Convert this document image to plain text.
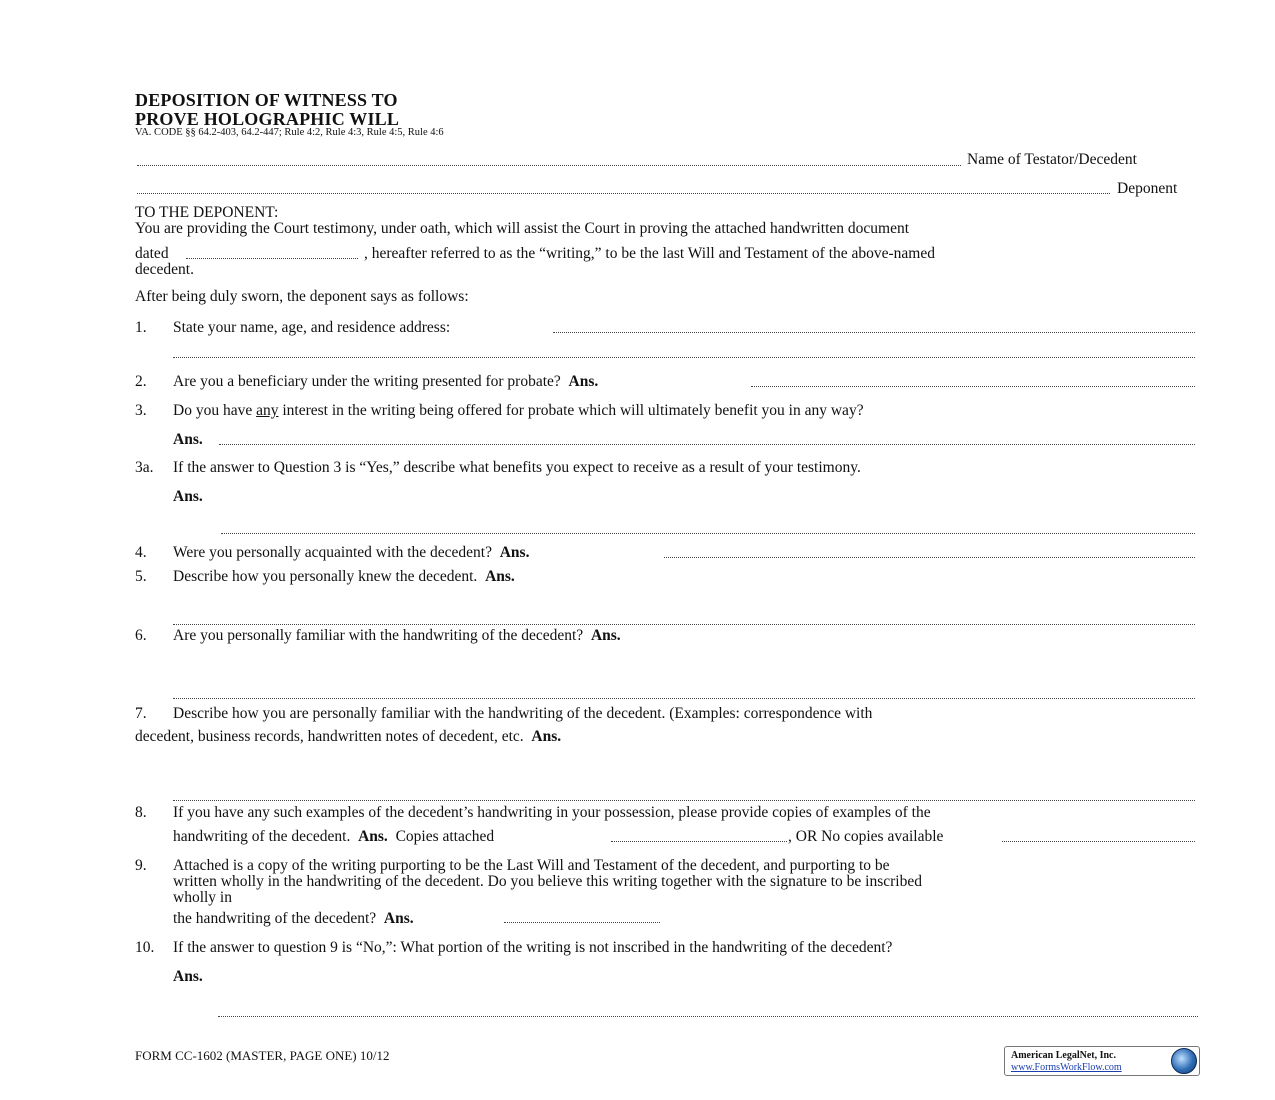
DEPOSITION OF WITNESS TO
PROVE HOLOGRAPHIC WILL
VA. CODE §§ 64.2-403, 64.2-447; Rule 4:2, Rule 4:3, Rule 4:5, Rule 4:6
Name of Testator/Decedent
Deponent
TO THE DEPONENT:
You are providing the Court testimony, under oath, which will assist the Court in proving the attached handwritten document
dated	, hereafter referred to as the “writing,” to be the last Will and Testament of the above-named
decedent.
After being duly sworn, the deponent says as follows:
1. State your name, age, and residence address:
2. Are you a beneficiary under the writing presented for probate? Ans.
3. Do you have any interest in the writing being offered for probate which will ultimately benefit you in any way?
Ans.
3a. If the answer to Question 3 is “Yes,” describe what benefits you expect to receive as a result of your testimony.
Ans.
4. Were you personally acquainted with the decedent? Ans.
5. Describe how you personally knew the decedent. Ans.
6. Are you personally familiar with the handwriting of the decedent? Ans.
7. Describe how you are personally familiar with the handwriting of the decedent. (Examples: correspondence with
decedent, business records, handwritten notes of decedent, etc. Ans.
8. If you have any such examples of the decedent’s handwriting in your possession, please provide copies of examples of the
handwriting of the decedent. Ans. Copies attached	, OR No copies available
9. Attached is a copy of the writing purporting to be the Last Will and Testament of the decedent, and purporting to be
written wholly in the handwriting of the decedent. Do you believe this writing together with the signature to be inscribed
wholly in
the handwriting of the decedent? Ans.
10. If the answer to question 9 is “No,”: What portion of the writing is not inscribed in the handwriting of the decedent?
Ans.
FORM CC-1602 (MASTER, PAGE ONE) 10/12	American LegalNet, Inc.
www.FormsWorkFlow.com
